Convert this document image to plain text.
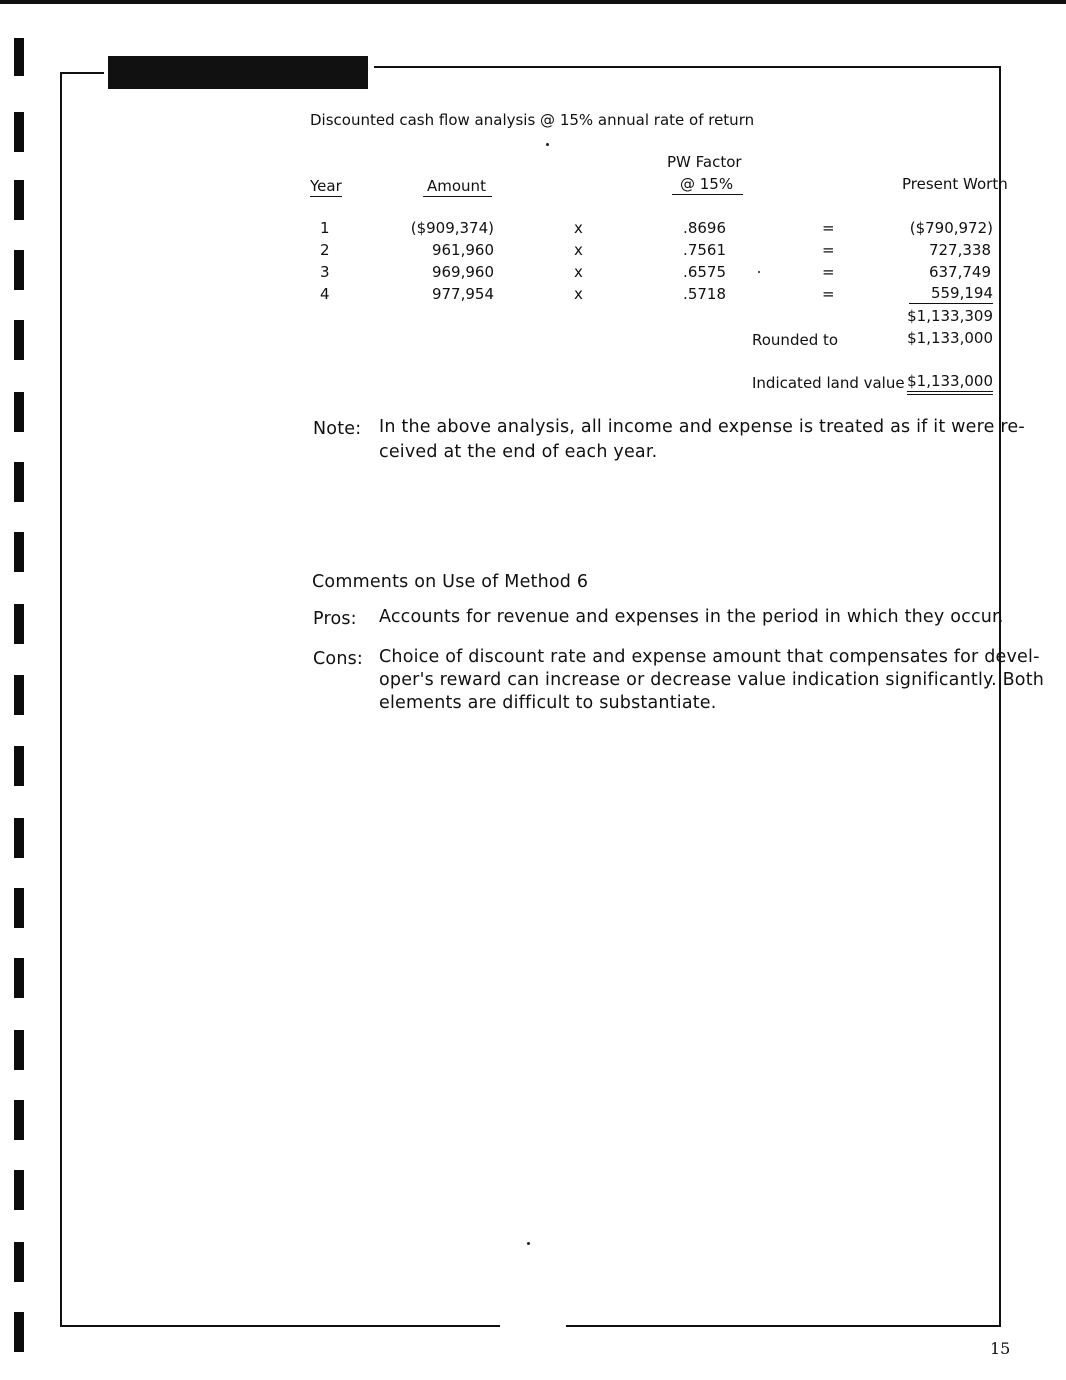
Discounted cash flow analysis @ 15% annual rate of return
PW Factor
Year	Amount	@ 15%	Present Worth
1	($909,374)	x	.8696	=	($790,972)
2	961,960	x	.7561	=	727,338
3	969,960	x	.6575	=	637,749
4	977,954	x	.5718	=	559,194
$1,133,309
Rounded to	$1,133,000
Indicated land value $1,133,000
Note: In the above analysis, all income and expense is treated as if it were re-
ceived at the end of each year.
Comments on Use of Method 6
Pros: Accounts for revenue and expenses in the period in which they occur.
Cons: Choice of discount rate and expense amount that compensates for devel-
oper's reward can increase or decrease value indication significantly. Both
elements are difficult to substantiate.
15
